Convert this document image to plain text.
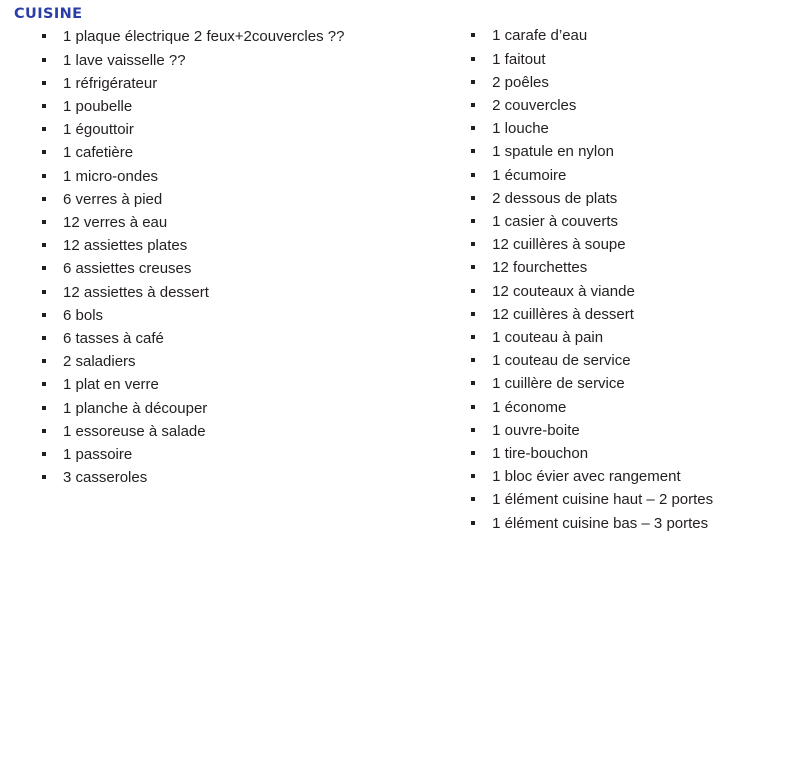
CUISINE
1 plaque électrique 2 feux+2couvercles ??
1 lave vaisselle ??
1 réfrigérateur
1 poubelle
1 égouttoir
1 cafetière
1 micro-ondes
6 verres à pied
12 verres à eau
12 assiettes plates
6 assiettes creuses
12 assiettes à dessert
6 bols
6 tasses à café
2 saladiers
1 plat en verre
1 planche à découper
1 essoreuse à salade
1 passoire
3 casseroles
1 carafe d’eau
1 faitout
2 poêles
2 couvercles
1 louche
1 spatule en nylon
1 écumoire
2 dessous de plats
1 casier à couverts
12 cuillères à soupe
12 fourchettes
12 couteaux à viande
12 cuillères à dessert
1 couteau à pain
1 couteau de service
1 cuillère de service
1 économe
1 ouvre-boite
1 tire-bouchon
1 bloc évier avec rangement
1 élément cuisine haut – 2 portes
1 élément cuisine bas – 3 portes
